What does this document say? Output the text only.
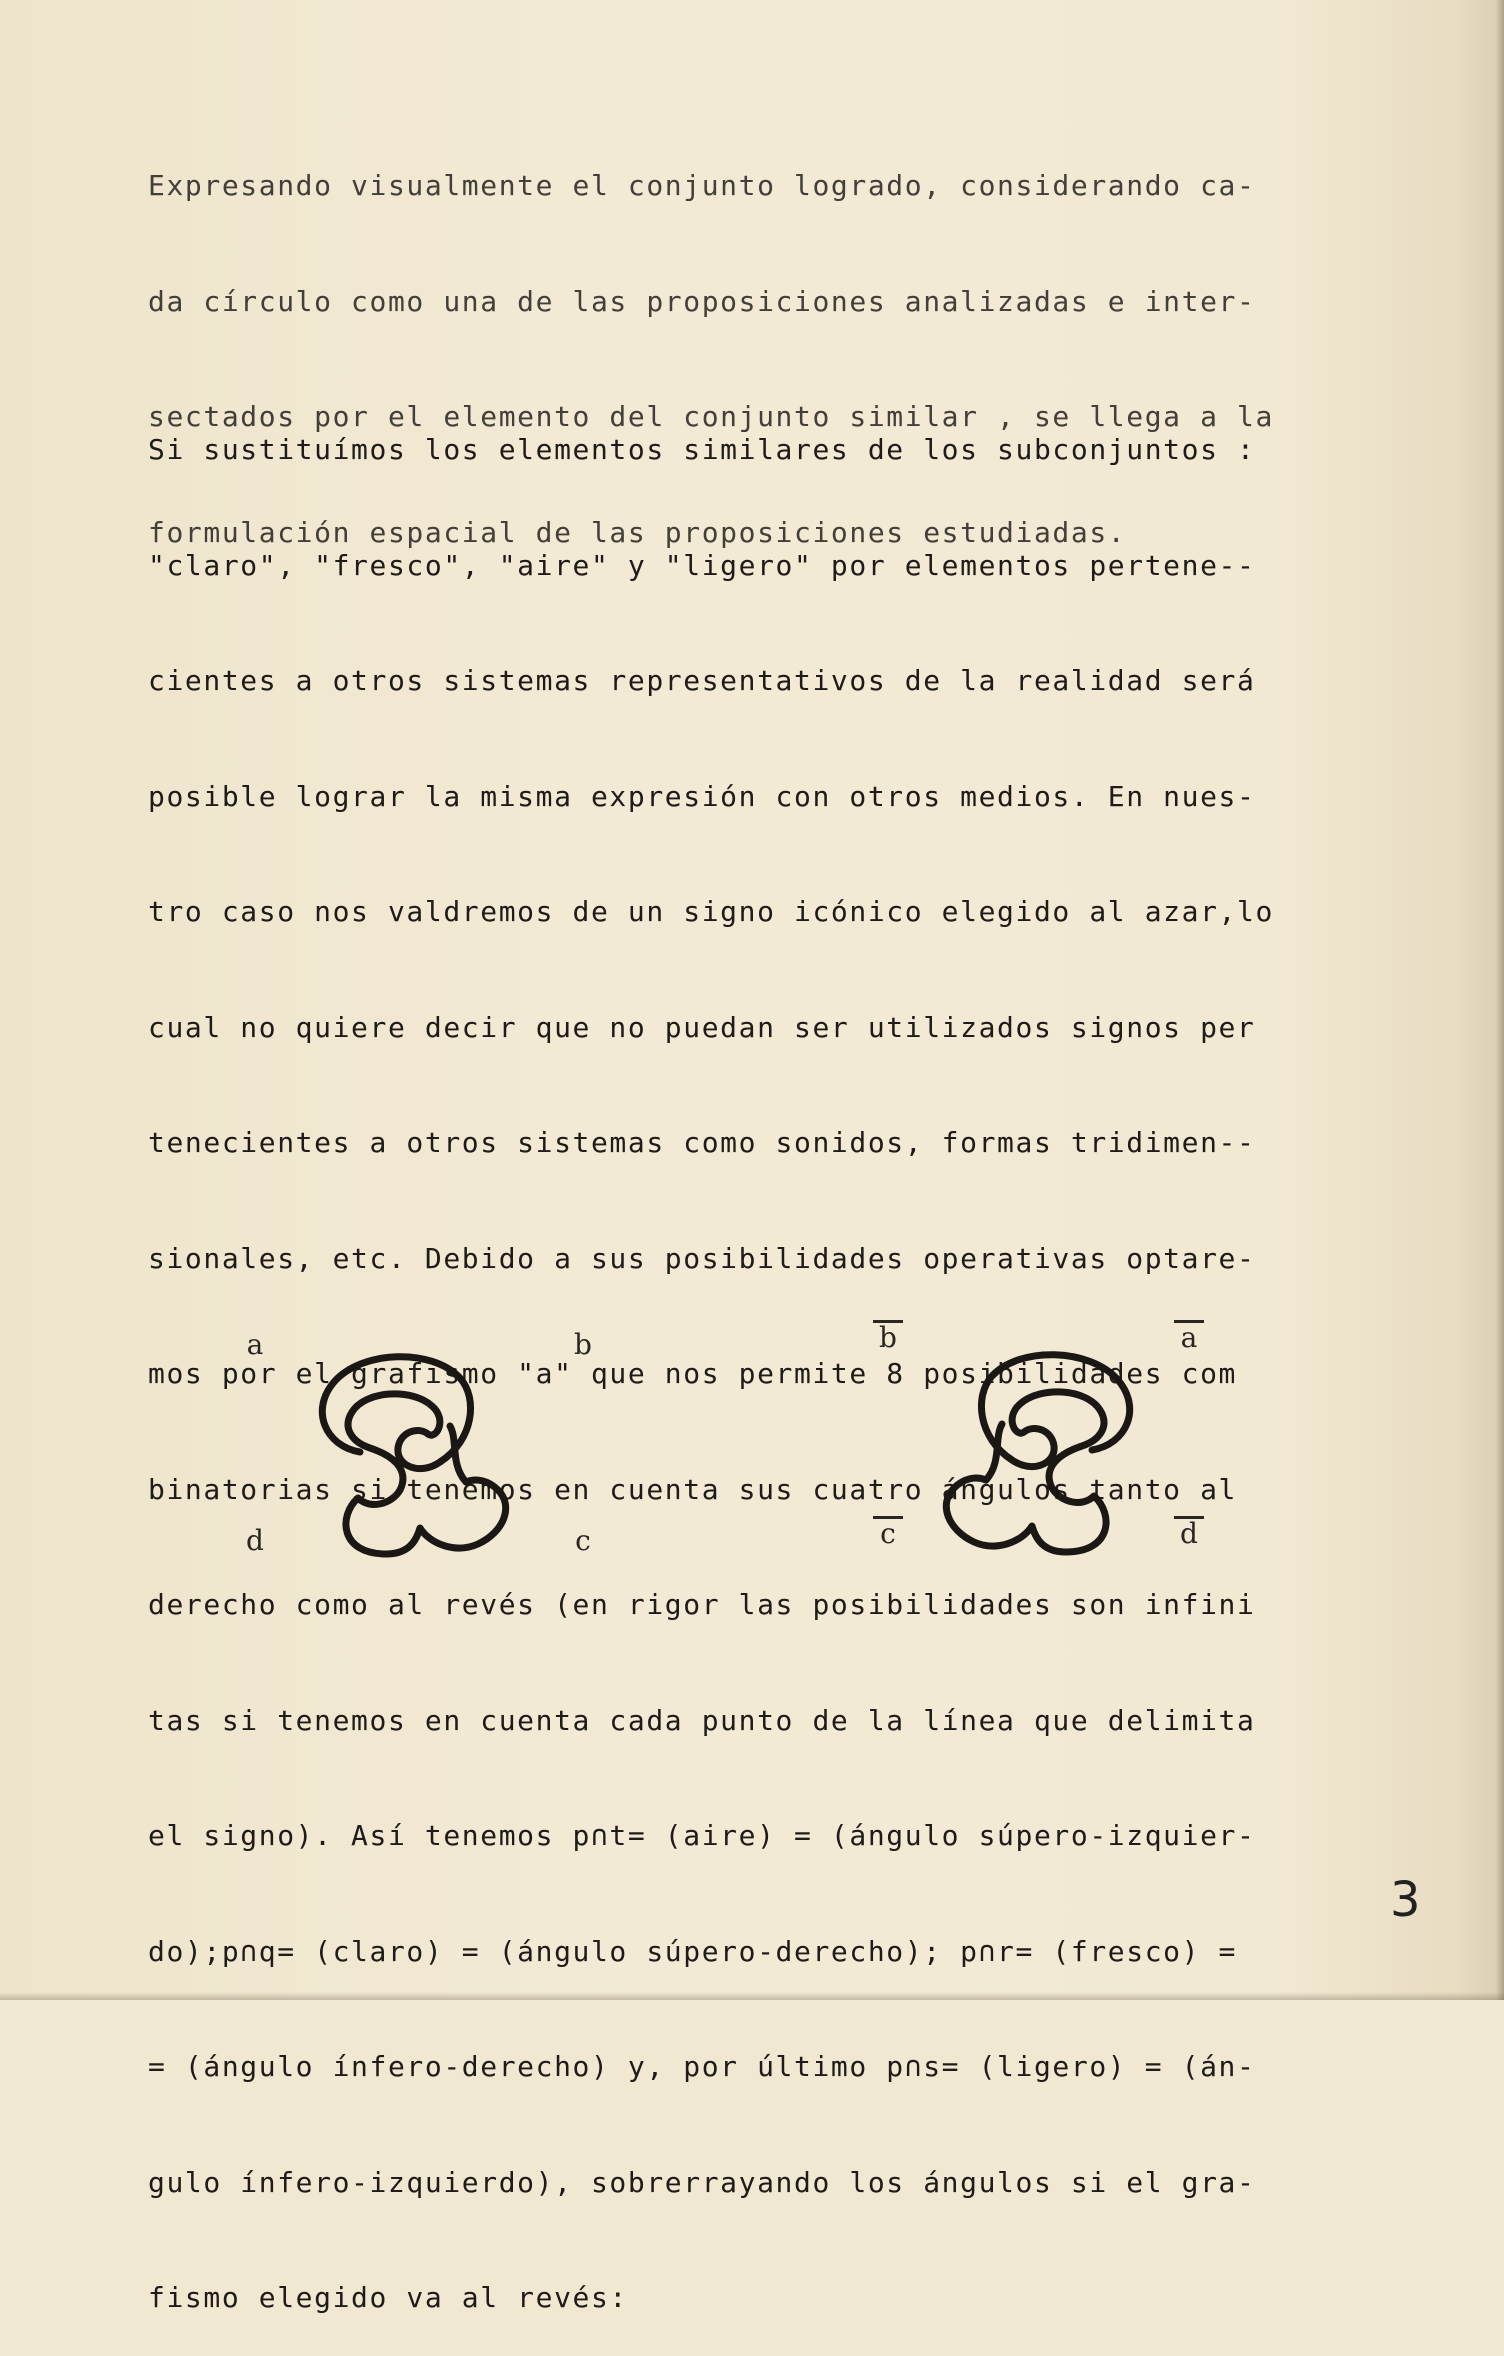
Expresando visualmente el conjunto logrado, considerando ca-

da círculo como una de las proposiciones analizadas e inter-

sectados por el elemento del conjunto similar , se llega a la

formulación espacial de las proposiciones estudiadas.

Si sustituímos los elementos similares de los subconjuntos :

"claro", "fresco", "aire" y "ligero" por elementos pertene--

cientes a otros sistemas representativos de la realidad será

posible lograr la misma expresión con otros medios. En nues-

tro caso nos valdremos de un signo icónico elegido al azar,lo

cual no quiere decir que no puedan ser utilizados signos per

tenecientes a otros sistemas como sonidos, formas tridimen--

sionales, etc. Debido a sus posibilidades operativas optare-

mos por el grafismo "a" que nos permite 8 posibilidades com

binatorias si tenemos en cuenta sus cuatro ángulos tanto al

derecho como al revés (en rigor las posibilidades son infini

tas si tenemos en cuenta cada punto de la línea que delimita

el signo). Así tenemos p∩t= (aire) = (ángulo súpero-izquier-

do);p∩q= (claro) = (ángulo súpero-derecho); p∩r= (fresco) =

= (ángulo ínfero-derecho) y, por último p∩s= (ligero) = (án-

gulo ínfero-izquierdo), sobrerrayando los ángulos si el gra-

fismo elegido va al revés:

a	b
d	c
b	a
c	d
3
